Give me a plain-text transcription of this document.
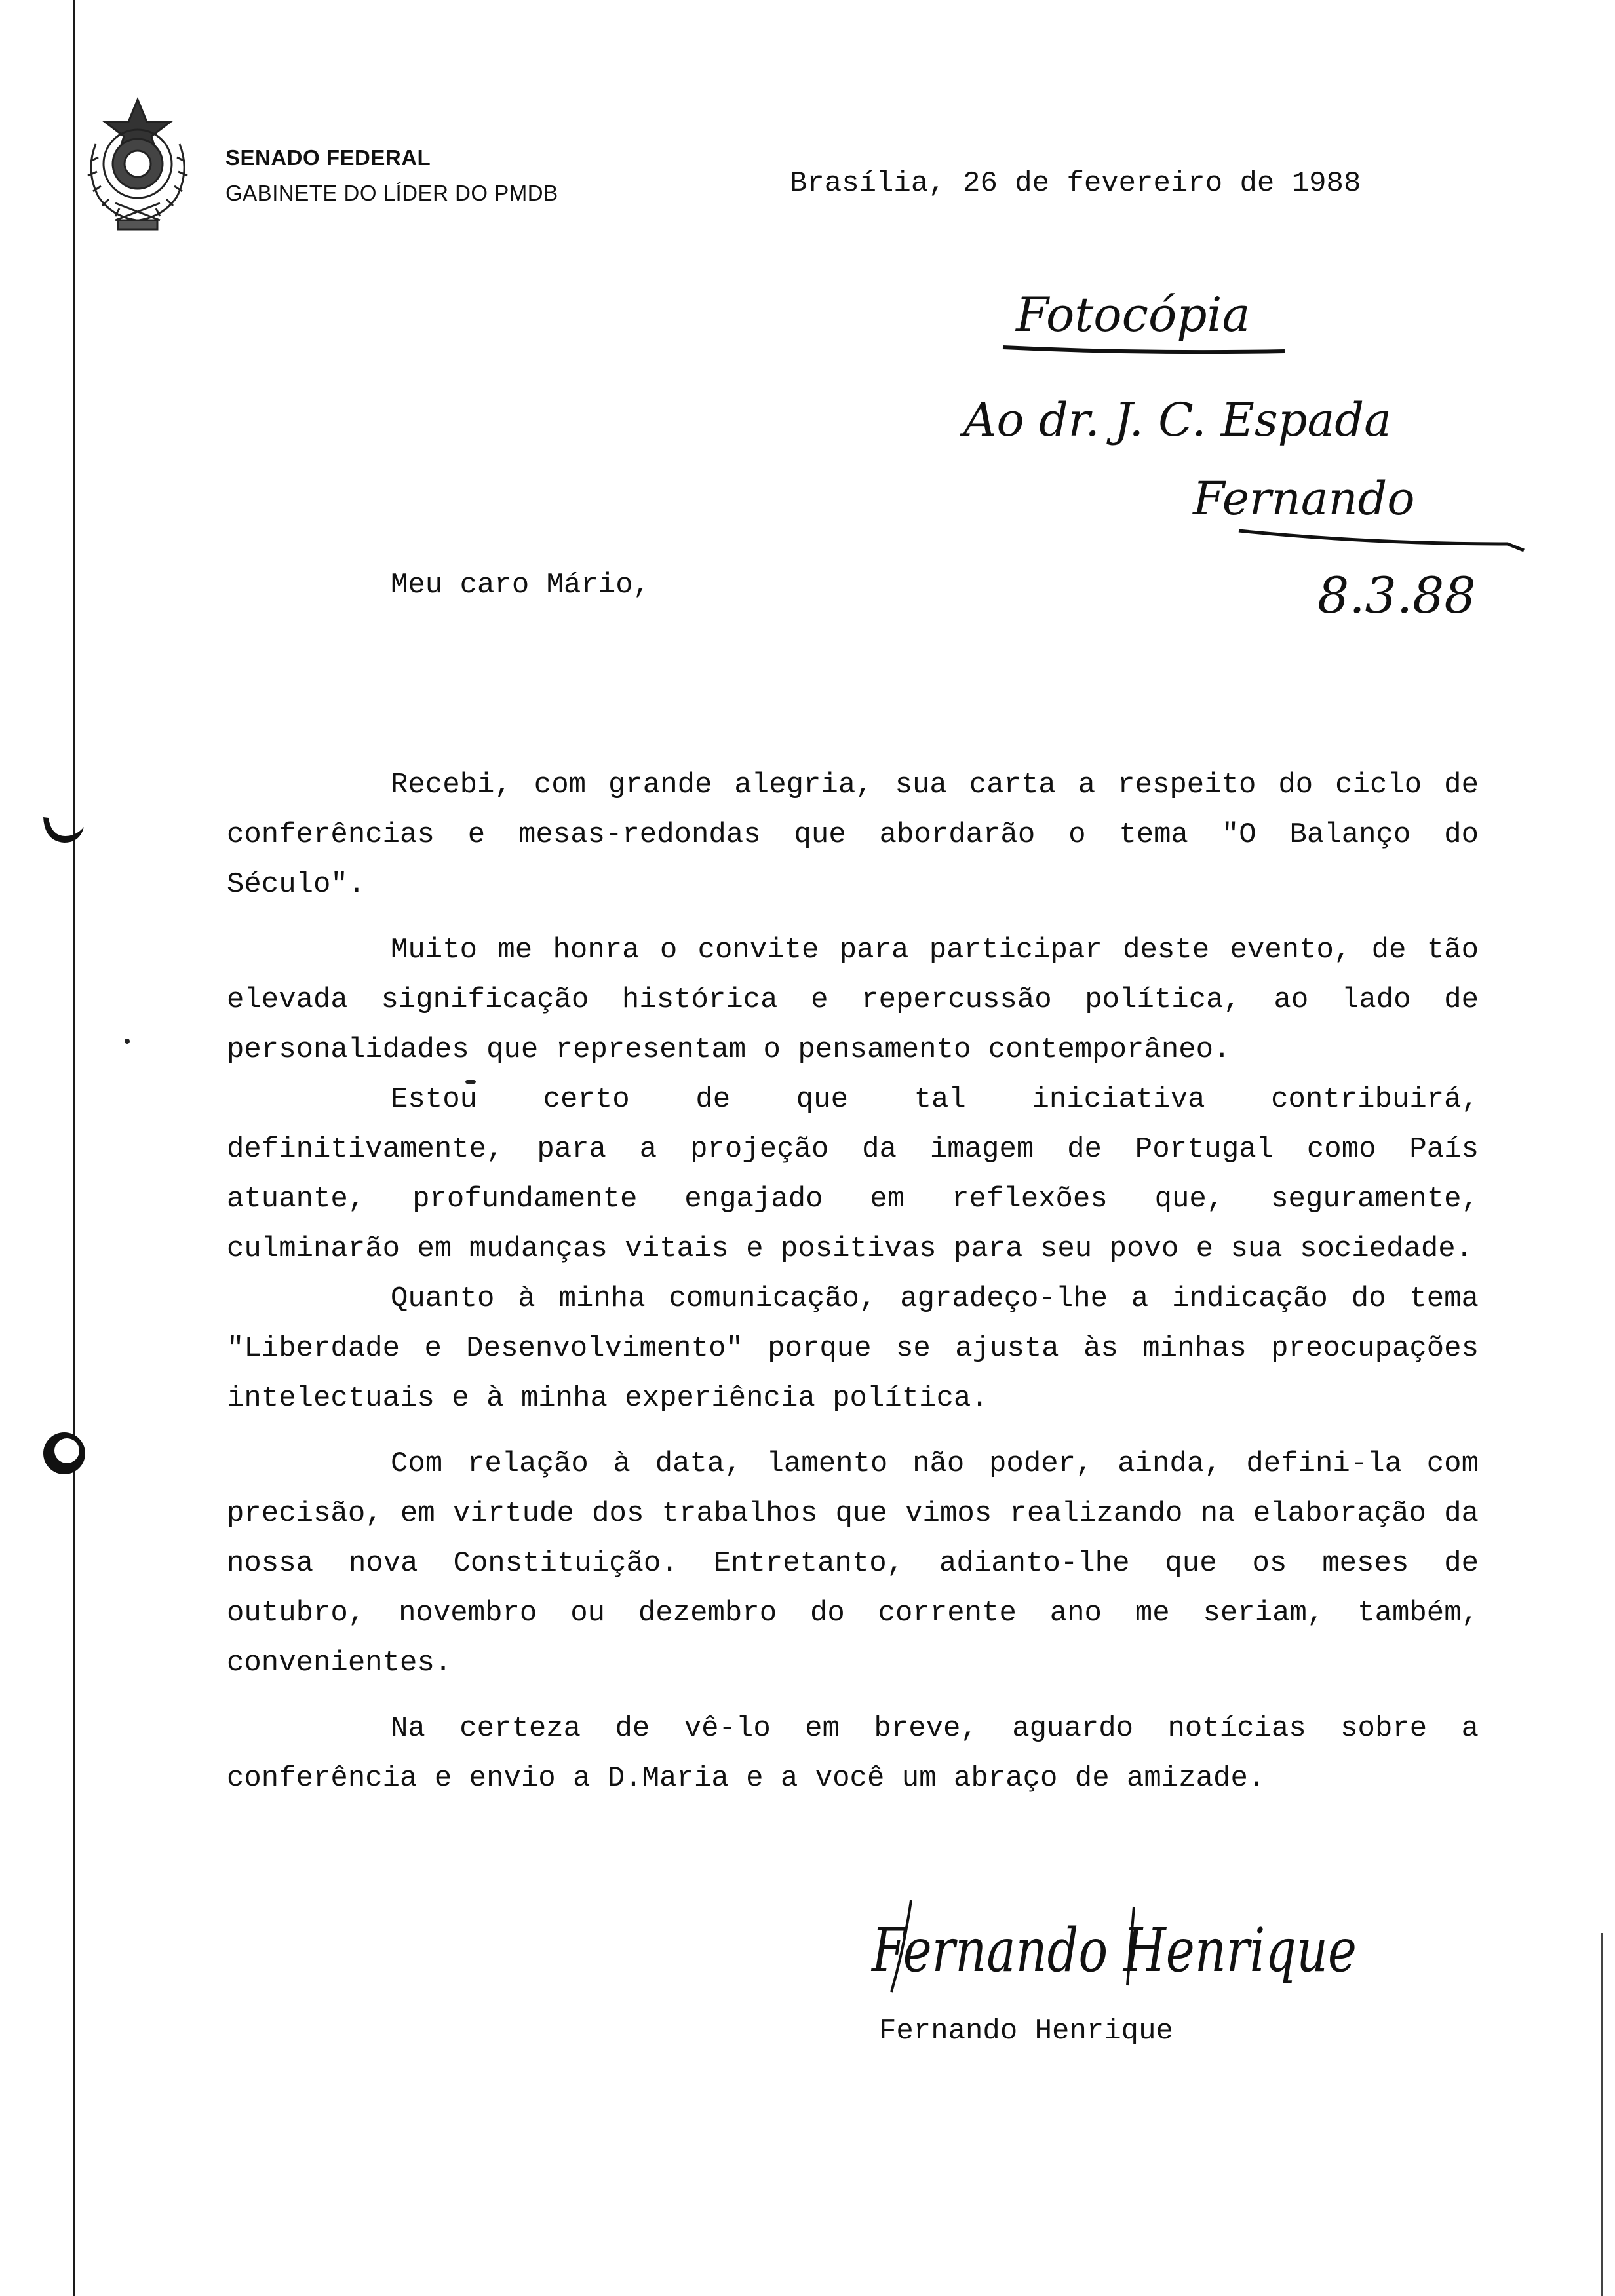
SENADO FEDERAL
GABINETE DO LÍDER DO PMDB	Brasília, 26 de fevereiro de 1988
Fotocópia
Ao dr. J. C. Espada
Fernando
8.3.88
Meu caro Mário,

Recebi, com grande alegria, sua carta a respeito do ciclo de conferências e mesas-redondas que abordarão o tema "O Balanço do Século".

Muito me honra o convite para participar deste evento, de tão elevada significação histórica e repercussão política, ao lado de personalidades que representam o pensamento contemporâneo.

Estou certo de que tal iniciativa contribuirá, definitivamente, para a projeção da imagem de Portugal como País atuante, profundamente engajado em reflexões que, seguramente, culminarão em mudanças vitais e positivas para seu povo e sua sociedade.

Quanto à minha comunicação, agradeço-lhe a indicação do tema "Liberdade e Desenvolvimento" porque se ajusta às minhas preocupações intelectuais e à minha experiência política.

Com relação à data, lamento não poder, ainda, defini-la com precisão, em virtude dos trabalhos que vimos realizando na elaboração da nossa nova Constituição. Entretanto, adianto-lhe que os meses de outubro, novembro ou dezembro do corrente ano me seriam, também, convenientes.

Na certeza de vê-lo em breve, aguardo notícias sobre a conferência e envio a D.Maria e a você um abraço de amizade.

Fernando Henrique
Fernando Henrique
